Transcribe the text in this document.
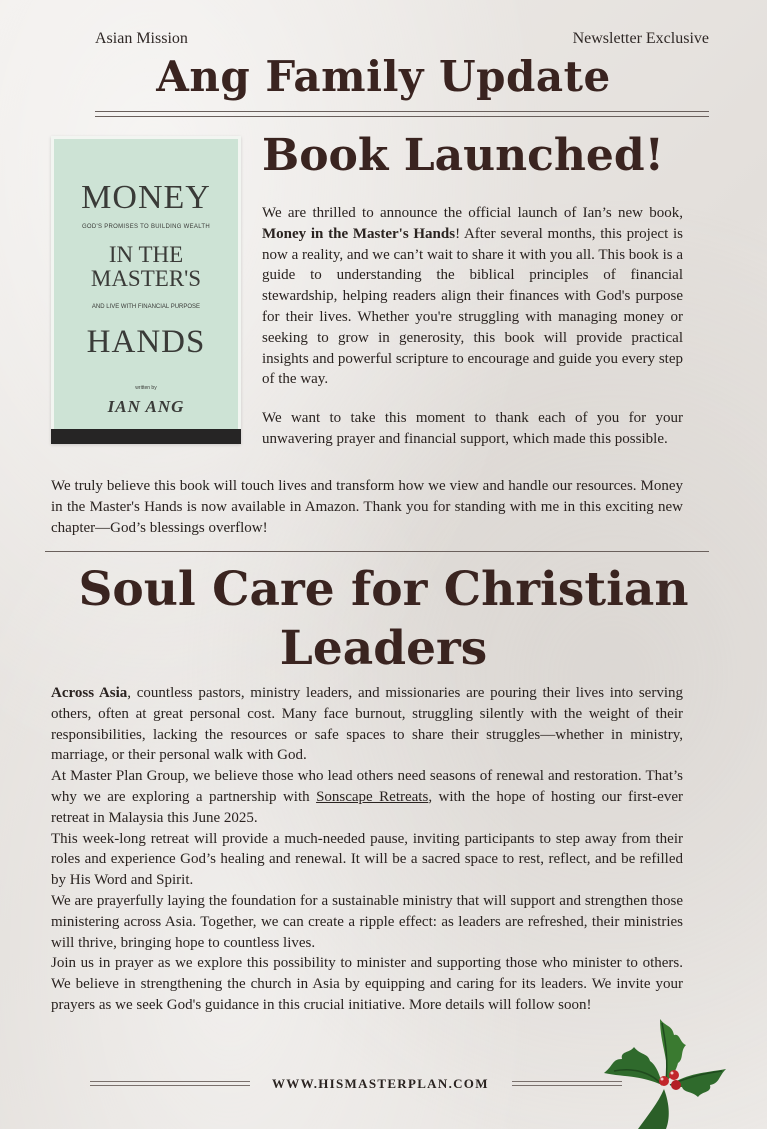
Asian Mission	Newsletter Exclusive
Ang Family Update
MONEY
GOD'S PROMISES TO BUILDING WEALTH
IN THE
MASTER'S
AND LIVE WITH FINANCIAL PURPOSE
HANDS
written by
IAN ANG
Book Launched!
We are thrilled to announce the official launch of Ian’s new book, Money in the Master's Hands! After several months, this project is now a reality, and we can’t wait to share it with you all. This book is a guide to understanding the biblical principles of financial stewardship, helping readers align their finances with God's purpose for their lives. Whether you're struggling with managing money or seeking to grow in generosity, this book will provide practical insights and powerful scripture to encourage and guide you every step of the way.
We want to take this moment to thank each of you for your unwavering prayer and financial support, which made this possible.
We truly believe this book will touch lives and transform how we view and handle our resources. Money in the Master's Hands is now available in Amazon. Thank you for standing with me in this exciting new chapter—God’s blessings overflow!
Soul Care for Christian
Leaders

Across Asia, countless pastors, ministry leaders, and missionaries are pouring their lives into serving others, often at great personal cost. Many face burnout, struggling silently with the weight of their responsibilities, lacking the resources or safe spaces to share their struggles—whether in ministry, marriage, or their personal walk with God.

At Master Plan Group, we believe those who lead others need seasons of renewal and restoration. That’s why we are exploring a partnership with Sonscape Retreats, with the hope of hosting our first-ever retreat in Malaysia this June 2025.

This week-long retreat will provide a much-needed pause, inviting participants to step away from their roles and experience God’s healing and renewal. It will be a sacred space to rest, reflect, and be refilled by His Word and Spirit.

We are prayerfully laying the foundation for a sustainable ministry that will support and strengthen those ministering across Asia. Together, we can create a ripple effect: as leaders are refreshed, their ministries will thrive, bringing hope to countless lives.

Join us in prayer as we explore this possibility to minister and supporting those who minister to others. We believe in strengthening the church in Asia by equipping and caring for its leaders. We invite your prayers as we seek God's guidance in this crucial initiative. More details will follow soon!

WWW.HISMASTERPLAN.COM
